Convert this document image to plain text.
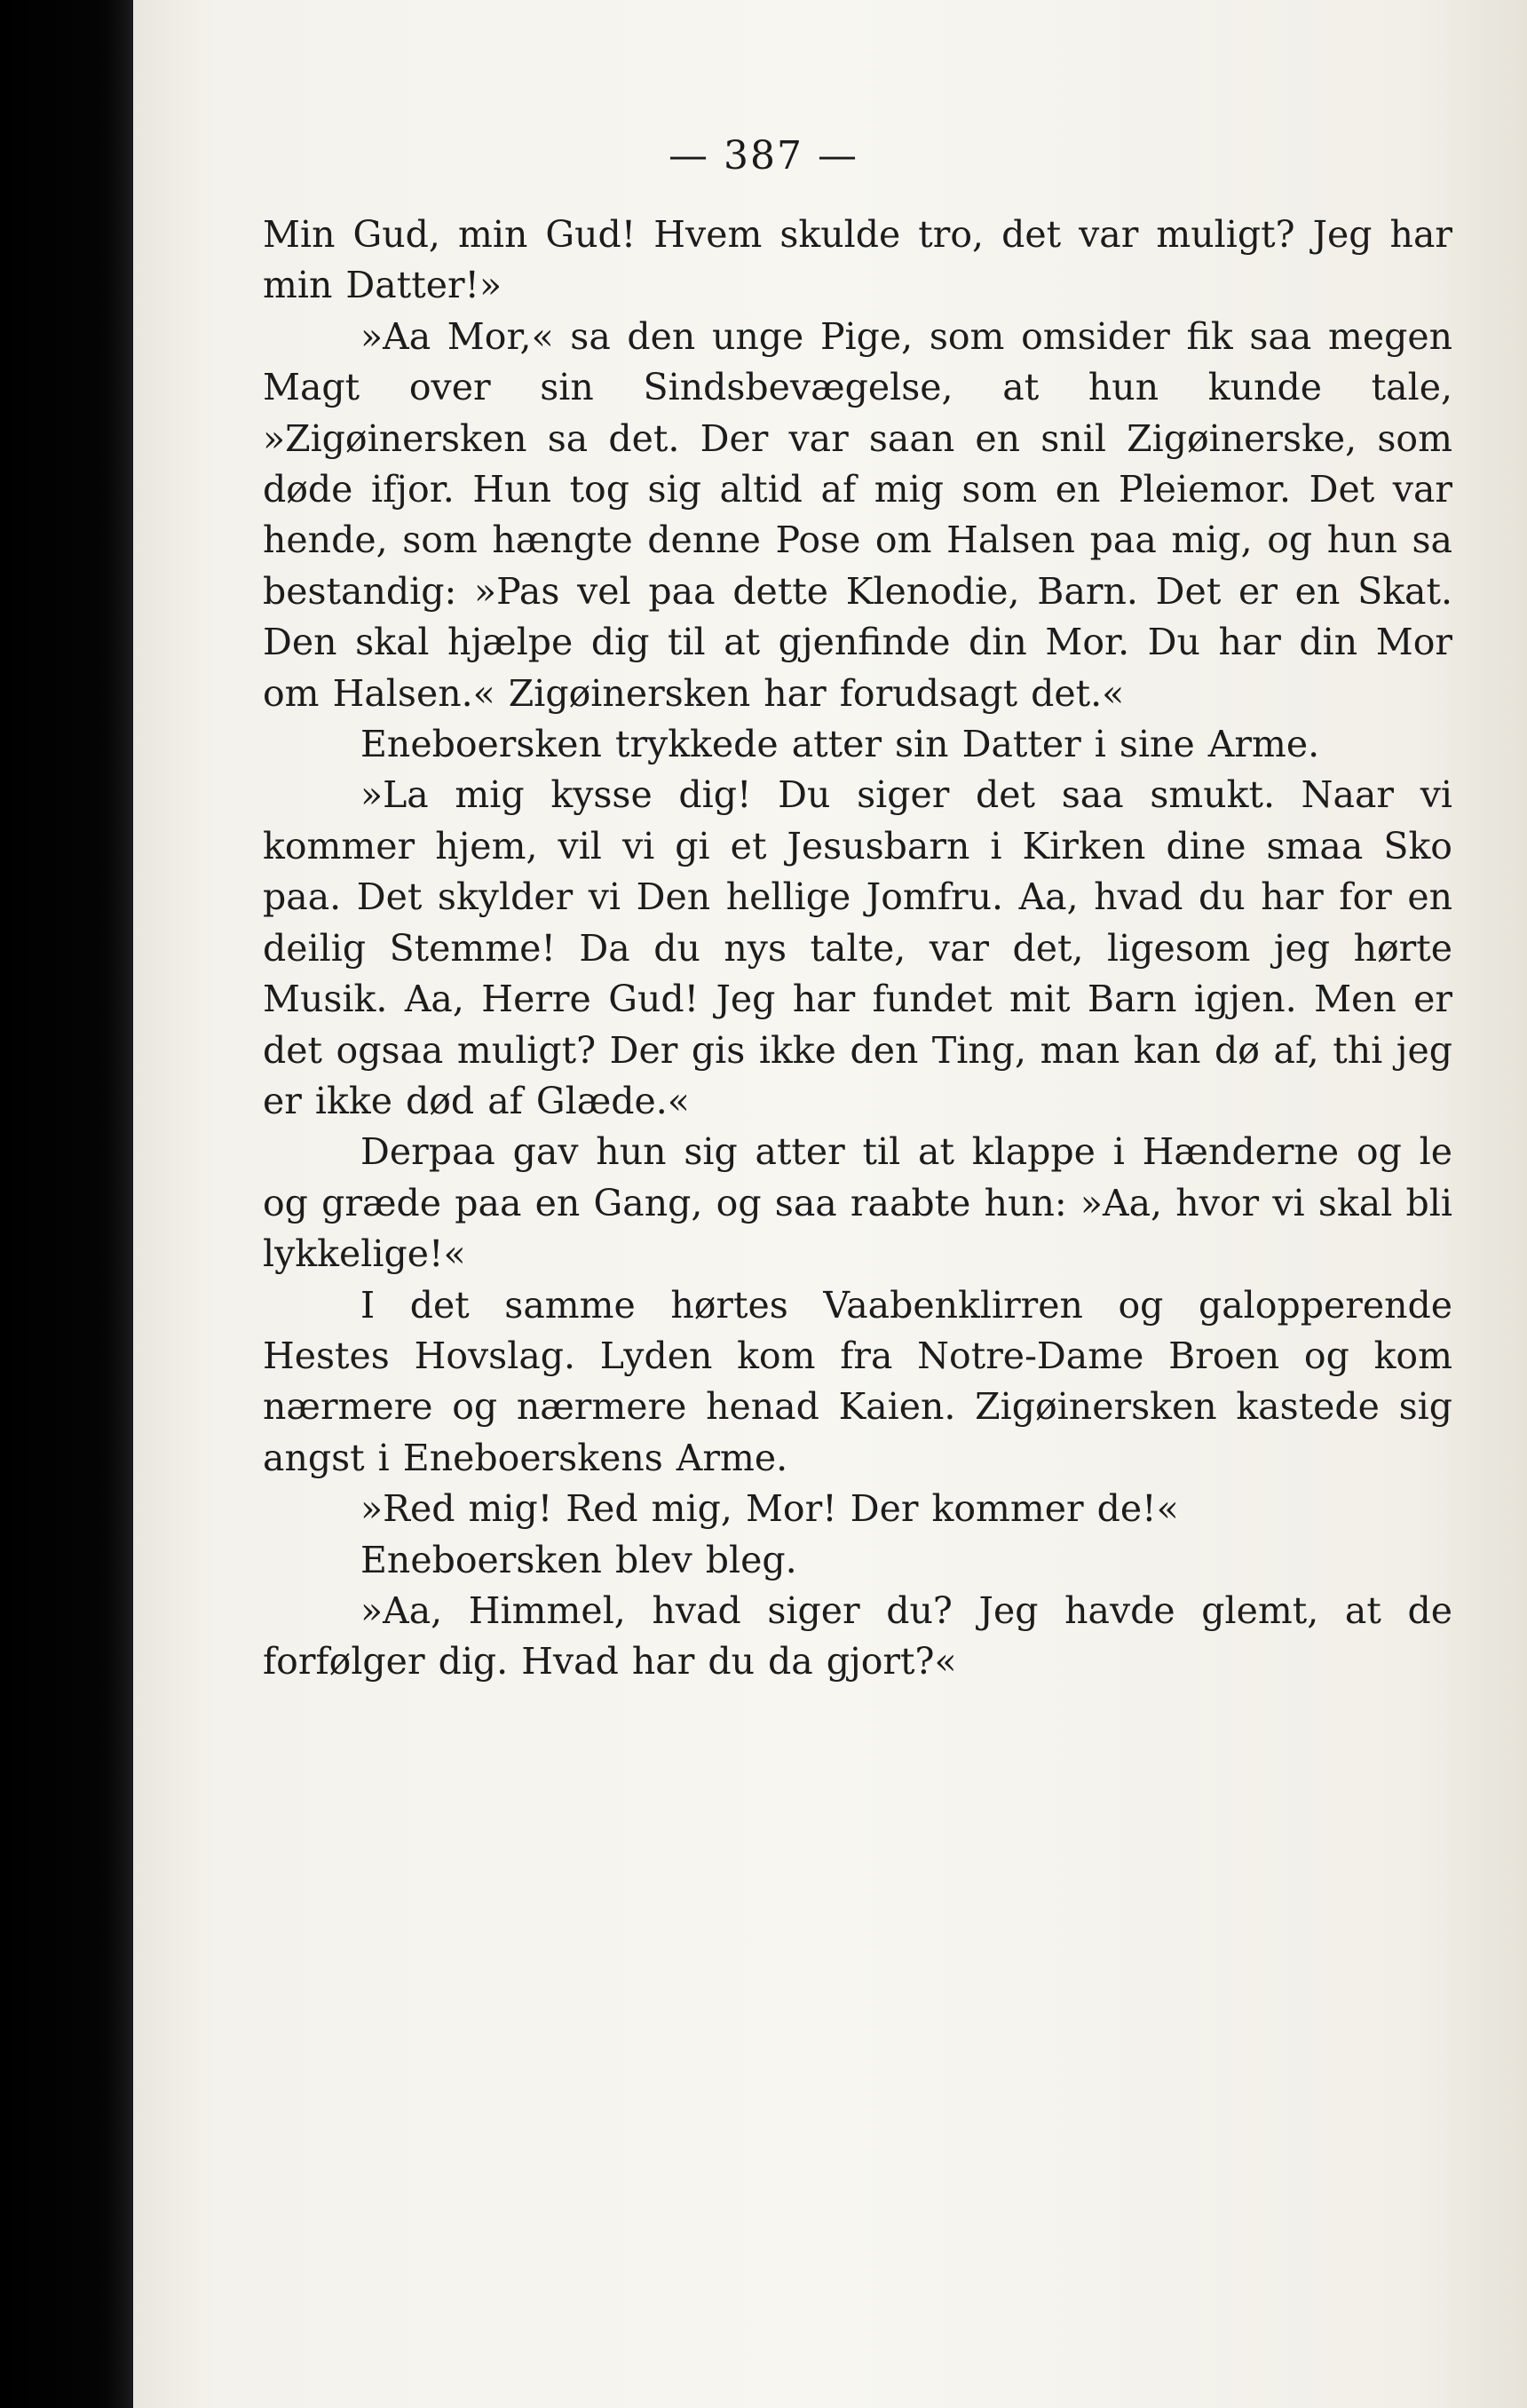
— 387 —

Min Gud, min Gud! Hvem skulde tro, det var muligt? Jeg har min Datter!»

»Aa Mor,« sa den unge Pige, som omsider fik saa megen Magt over sin Sindsbevægelse, at hun kunde tale, »Zigøinersken sa det. Der var saan en snil Zigøinerske, som døde ifjor. Hun tog sig altid af mig som en Pleiemor. Det var hende, som hængte denne Pose om Halsen paa mig, og hun sa bestandig: »Pas vel paa dette Klenodie, Barn. Det er en Skat. Den skal hjælpe dig til at gjenfinde din Mor. Du har din Mor om Halsen.« Zigøinersken har forudsagt det.«

Eneboersken trykkede atter sin Datter i sine Arme.

»La mig kysse dig! Du siger det saa smukt. Naar vi kommer hjem, vil vi gi et Jesusbarn i Kirken dine smaa Sko paa. Det skylder vi Den hellige Jomfru. Aa, hvad du har for en deilig Stemme! Da du nys talte, var det, ligesom jeg hørte Musik. Aa, Herre Gud! Jeg har fundet mit Barn igjen. Men er det ogsaa muligt? Der gis ikke den Ting, man kan dø af, thi jeg er ikke død af Glæde.«

Derpaa gav hun sig atter til at klappe i Hænderne og le og græde paa en Gang, og saa raabte hun: »Aa, hvor vi skal bli lykkelige!«

I det samme hørtes Vaabenklirren og galopperende Hestes Hovslag. Lyden kom fra Notre-Dame Broen og kom nærmere og nærmere henad Kaien. Zigøinersken kastede sig angst i Eneboerskens Arme.

»Red mig! Red mig, Mor! Der kommer de!«

Eneboersken blev bleg.

»Aa, Himmel, hvad siger du? Jeg havde glemt, at de forfølger dig. Hvad har du da gjort?«
